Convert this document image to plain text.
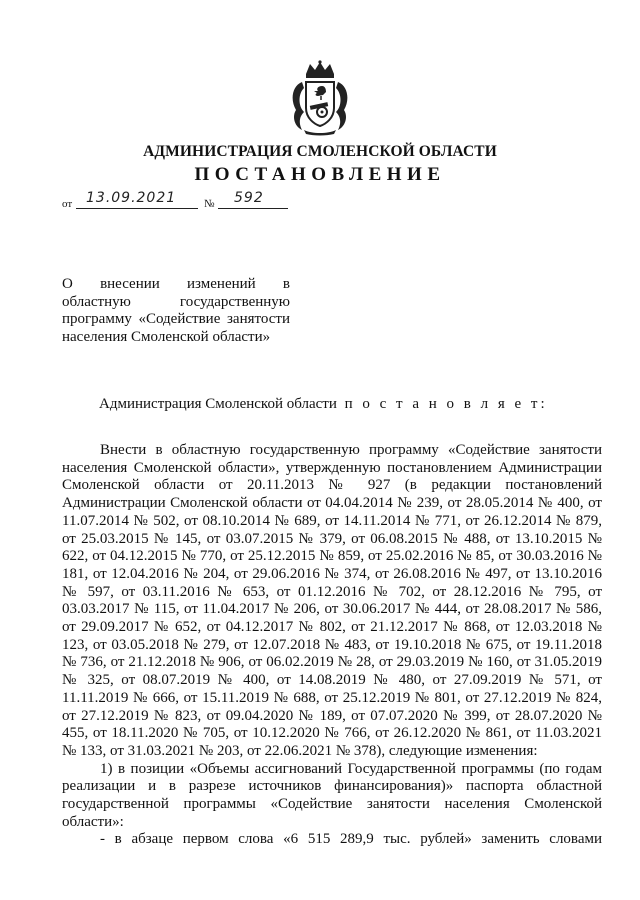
АДМИНИСТРАЦИЯ СМОЛЕНСКОЙ ОБЛАСТИ
ПОСТАНОВЛЕНИЕ
от 13.09.2021	№ 592
О внесении изменений в областную государственную программу «Содействие занятости населения Смоленской области»
Администрация Смоленской области п о с т а н о в л я е т:

Внести в областную государственную программу «Содействие занятости населения Смоленской области», утвержденную постановлением Администрации Смоленской области от 20.11.2013 № 927 (в редакции постановлений Администрации Смоленской области от 04.04.2014 № 239, от 28.05.2014 № 400, от 11.07.2014 № 502, от 08.10.2014 № 689, от 14.11.2014 № 771, от 26.12.2014 № 879, от 25.03.2015 № 145, от 03.07.2015 № 379, от 06.08.2015 № 488, от 13.10.2015 № 622, от 04.12.2015 № 770, от 25.12.2015 № 859, от 25.02.2016 № 85, от 30.03.2016 № 181, от 12.04.2016 № 204, от 29.06.2016 № 374, от 26.08.2016 № 497, от 13.10.2016 № 597, от 03.11.2016 № 653, от 01.12.2016 № 702, от 28.12.2016 № 795, от 03.03.2017 № 115, от 11.04.2017 № 206, от 30.06.2017 № 444, от 28.08.2017 № 586, от 29.09.2017 № 652, от 04.12.2017 № 802, от 21.12.2017 № 868, от 12.03.2018 № 123, от 03.05.2018 № 279, от 12.07.2018 № 483, от 19.10.2018 № 675, от 19.11.2018 № 736, от 21.12.2018 № 906, от 06.02.2019 № 28, от 29.03.2019 № 160, от 31.05.2019 № 325, от 08.07.2019 № 400, от 14.08.2019 № 480, от 27.09.2019 № 571, от 11.11.2019 № 666, от 15.11.2019 № 688, от 25.12.2019 № 801, от 27.12.2019 № 824, от 27.12.2019 № 823, от 09.04.2020 № 189, от 07.07.2020 № 399, от 28.07.2020 № 455, от 18.11.2020 № 705, от 10.12.2020 № 766, от 26.12.2020 № 861, от 11.03.2021 № 133, от 31.03.2021 № 203, от 22.06.2021 № 378), следующие изменения:

1) в позиции «Объемы ассигнований Государственной программы (по годам реализации и в разрезе источников финансирования)» паспорта областной государственной программы «Содействие занятости населения Смоленской области»:

- в абзаце первом слова «6 515 289,9 тыс. рублей» заменить словами
